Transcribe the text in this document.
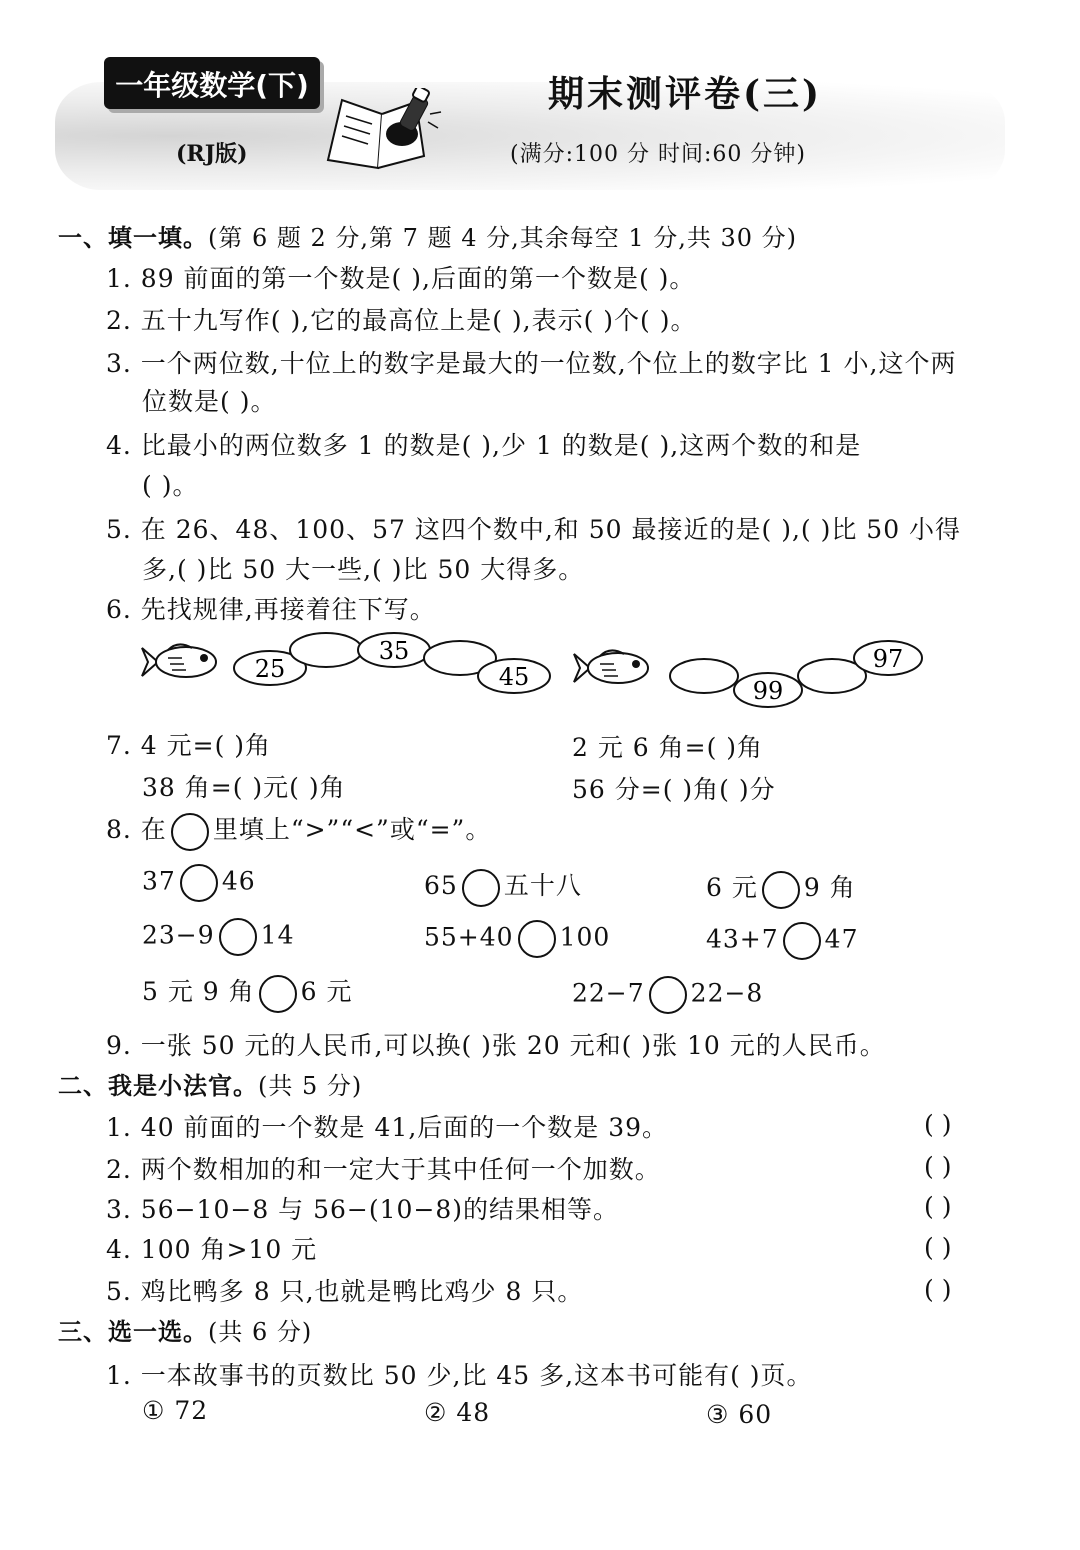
一年级数学(下)
(RJ版)
期末测评卷(三)
(满分:100 分 时间:60 分钟)
一、填一填。(第 6 题 2 分,第 7 题 4 分,其余每空 1 分,共 30 分)
1. 89 前面的第一个数是( ),后面的第一个数是( )。
2. 五十九写作( ),它的最高位上是( ),表示( )个( )。
3. 一个两位数,十位上的数字是最大的一位数,个位上的数字比 1 小,这个两
位数是( )。
4. 比最小的两位数多 1 的数是( ),少 1 的数是( ),这两个数的和是
( )。
5. 在 26、48、100、57 这四个数中,和 50 最接近的是( ),( )比 50 小得
多,( )比 50 大一些,( )比 50 大得多。
6. 先找规律,再接着往下写。
25
35
45	99
97
7. 4 元=( )角	2 元 6 角=( )角
38 角=( )元( )角	56 分=( )角( )分
8. 在 里填上“>”“<”或“=”。
37 46	65 五十八	6 元 9 角
23−9 14	55+40 100	43+7 47
5 元 9 角 6 元	22−7 22−8
9. 一张 50 元的人民币,可以换( )张 20 元和( )张 10 元的人民币。
二、我是小法官。(共 5 分)
1. 40 前面的一个数是 41,后面的一个数是 39。	( )
2. 两个数相加的和一定大于其中任何一个加数。	( )
3. 56−10−8 与 56−(10−8)的结果相等。	( )
4. 100 角>10 元	( )
5. 鸡比鸭多 8 只,也就是鸭比鸡少 8 只。	( )
三、选一选。(共 6 分)
1. 一本故事书的页数比 50 少,比 45 多,这本书可能有( )页。
① 72	② 48	③ 60
